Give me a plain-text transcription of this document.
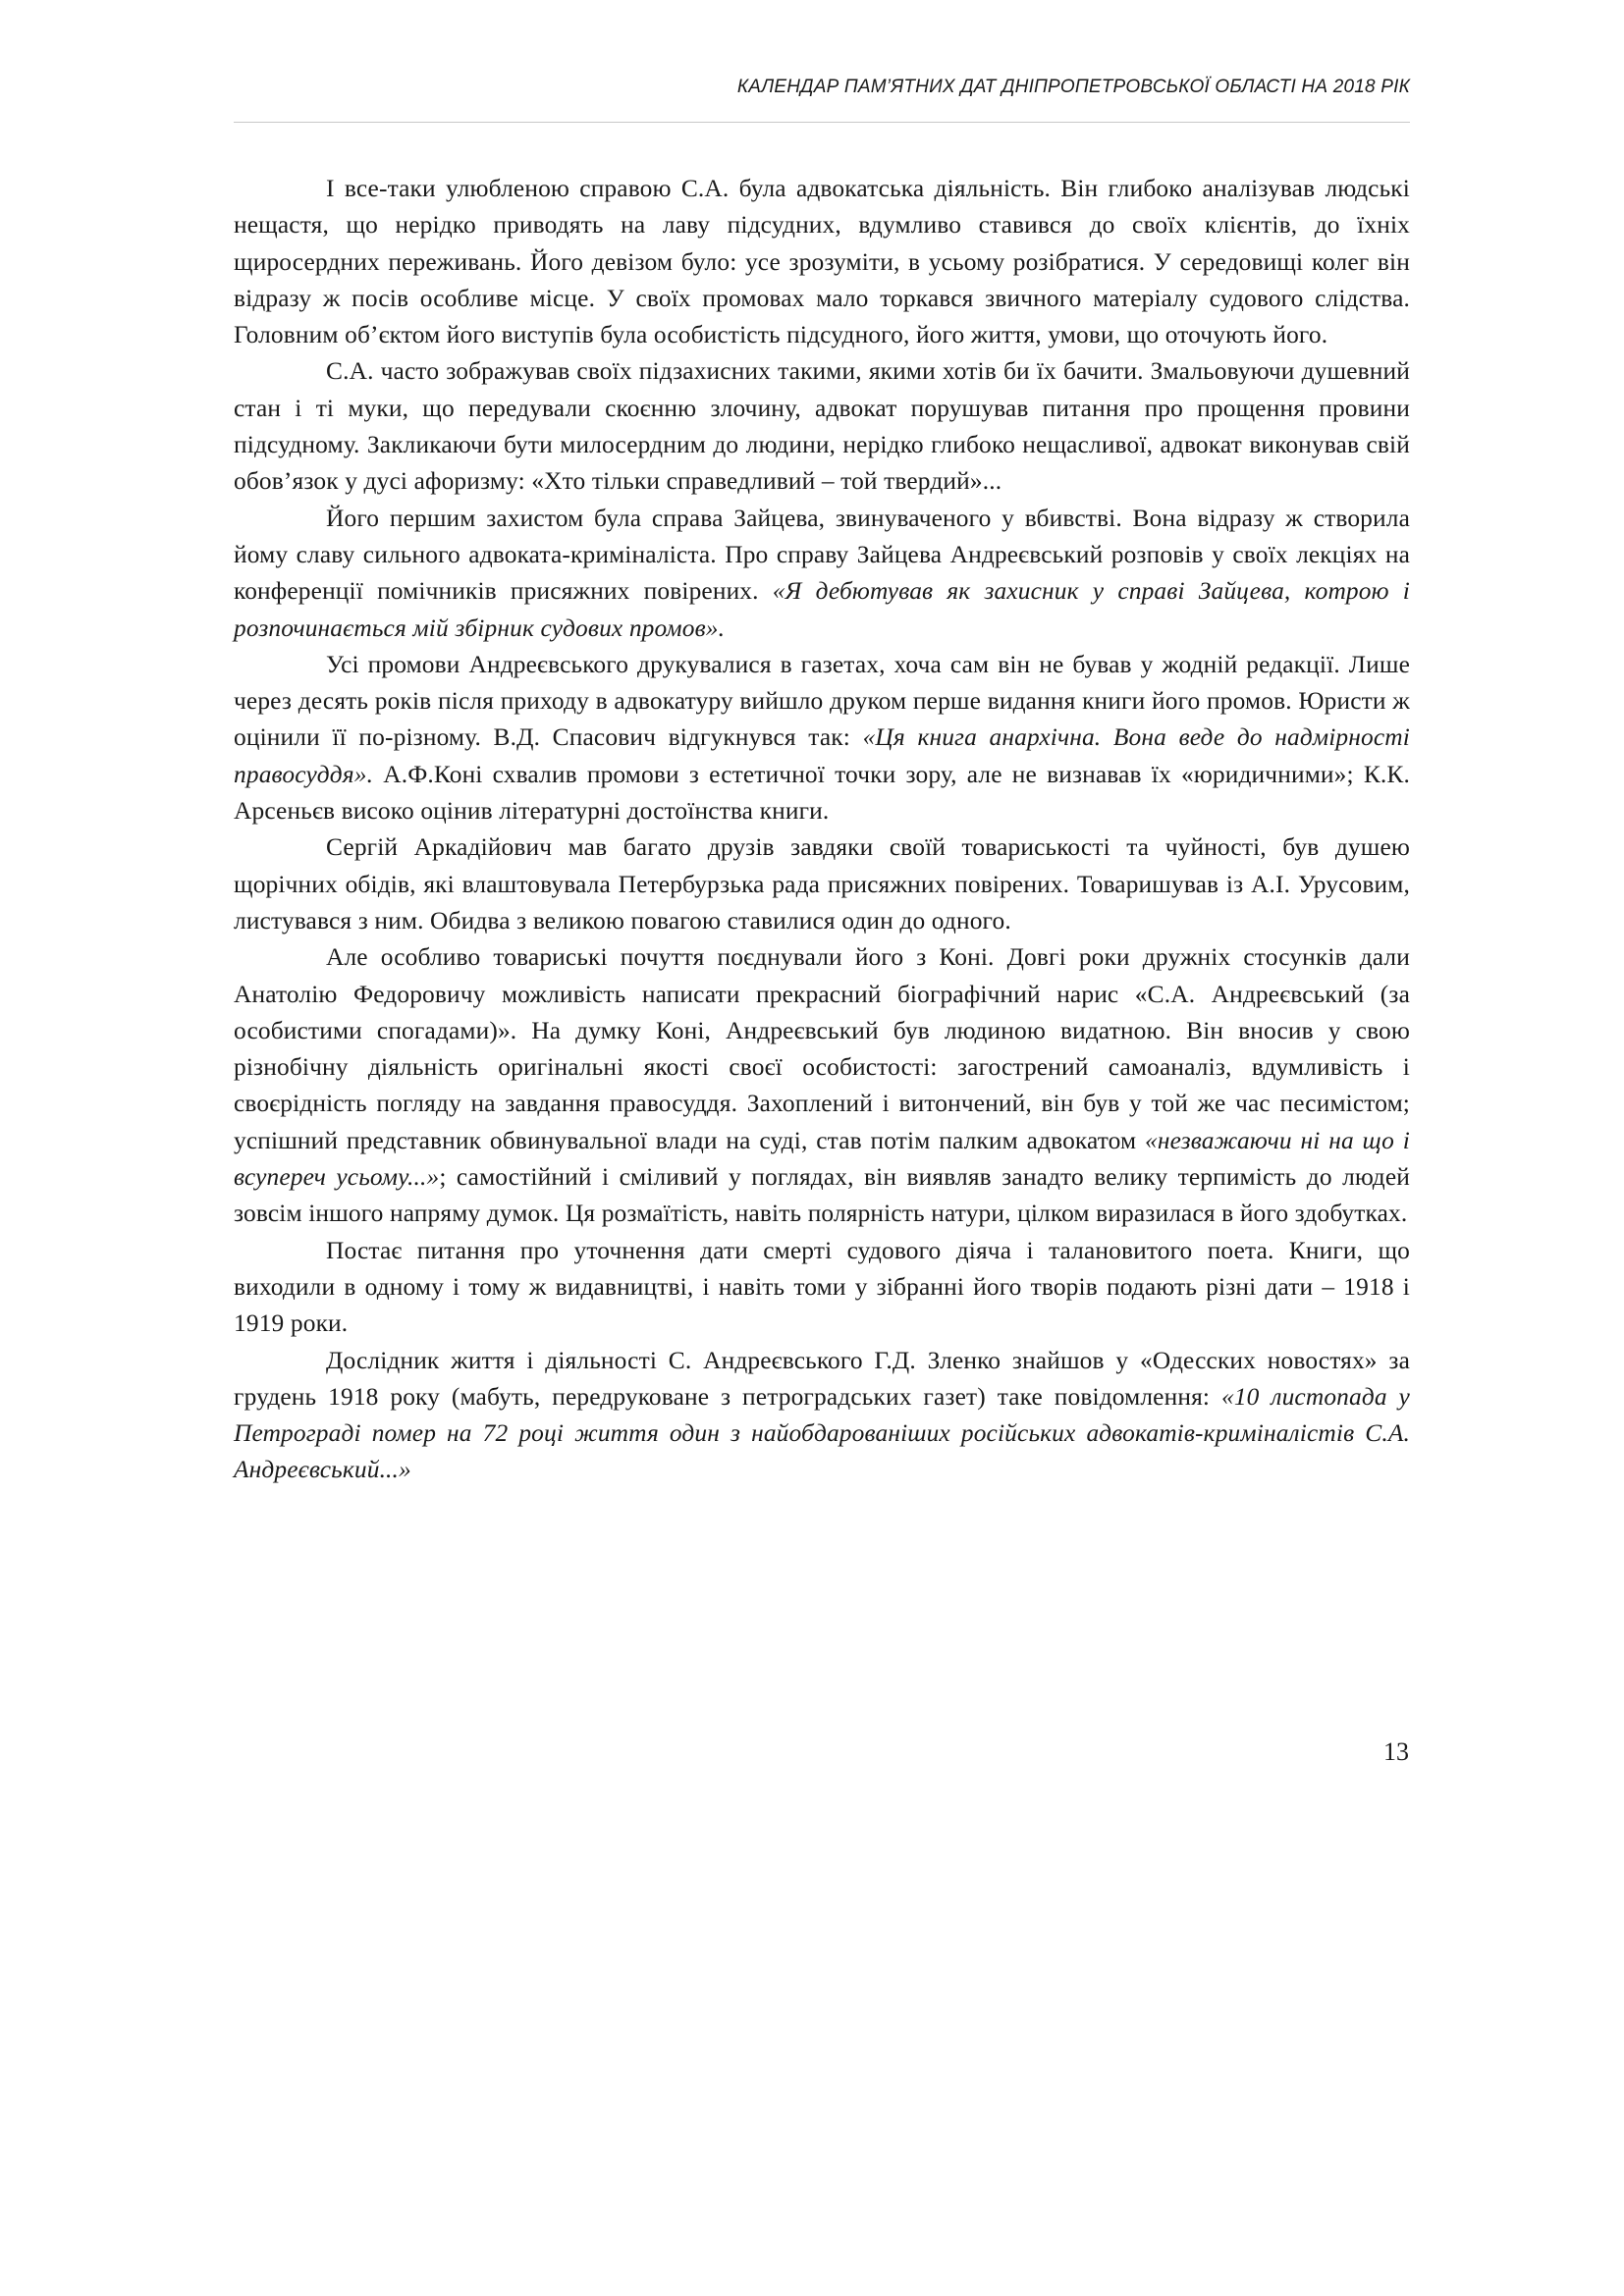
КАЛЕНДАР ПАМ’ЯТНИХ ДАТ ДНІПРОПЕТРОВСЬКОЇ ОБЛАСТІ НА 2018 РІК

І все-таки улюбленою справою С.А. була адвокатська діяльність. Він глибоко аналізував людські нещастя, що нерідко приводять на лаву підсудних, вдумливо ставився до своїх клієнтів, до їхніх щиросердних переживань. Його девізом було: усе зрозуміти, в усьому розібратися. У середовищі колег він відразу ж посів особливе місце. У своїх промовах мало торкався звичного матеріалу судового слідства. Головним об’єктом його виступів була особистість підсудного, його життя, умови, що оточують його.

С.А. часто зображував своїх підзахисних такими, якими хотів би їх бачити. Змальовуючи душевний стан і ті муки, що передували скоєнню злочину, адвокат порушував питання про прощення провини підсудному. Закликаючи бути милосердним до людини, нерідко глибоко нещасливої, адвокат виконував свій обов’язок у дусі афоризму: «Хто тільки справедливий – той твердий»...

Його першим захистом була справа Зайцева, звинуваченого у вбивстві. Вона відразу ж створила йому славу сильного адвоката-криміналіста. Про справу Зайцева Андреєвський розповів у своїх лекціях на конференції помічників присяжних повірених. «Я дебютував як захисник у справі Зайцева, котрою і розпочинається мій збірник судових промов».

Усі промови Андреєвського друкувалися в газетах, хоча сам він не бував у жодній редакції. Лише через десять років після приходу в адвокатуру вийшло друком перше видання книги його промов. Юристи ж оцінили її по-різному. В.Д. Спасович відгукнувся так: «Ця книга анархічна. Вона веде до надмірності правосуддя». А.Ф.Коні схвалив промови з естетичної точки зору, але не визнавав їх «юридичними»; К.К. Арсеньєв високо оцінив літературні достоїнства книги.

Сергій Аркадійович мав багато друзів завдяки своїй товариськості та чуйності, був душею щорічних обідів, які влаштовувала Петербурзька рада присяжних повірених. Товаришував із А.І. Урусовим, листувався з ним. Обидва з великою повагою ставилися один до одного.

Але особливо товариські почуття поєднували його з Коні. Довгі роки дружніх стосунків дали Анатолію Федоровичу можливість написати прекрасний біографічний нарис «С.А. Андреєвський (за особистими спогадами)». На думку Коні, Андреєвський був людиною видатною. Він вносив у свою різнобічну діяльність оригінальні якості своєї особистості: загострений самоаналіз, вдумливість і своєрідність погляду на завдання правосуддя. Захоплений і витончений, він був у той же час песимістом; успішний представник обвинувальної влади на суді, став потім палким адвокатом «незважаючи ні на що і всупереч усьому...»; самостійний і сміливий у поглядах, він виявляв занадто велику терпимість до людей зовсім іншого напряму думок. Ця розмаїтість, навіть полярність натури, цілком виразилася в його здобутках.

Постає питання про уточнення дати смерті судового діяча і талановитого поета. Книги, що виходили в одному і тому ж видавництві, і навіть томи у зібранні його творів подають різні дати – 1918 і 1919 роки.

Дослідник життя і діяльності С. Андреєвського Г.Д. Зленко знайшов у «Одесских новостях» за грудень 1918 року (мабуть, передруковане з петроградських газет) таке повідомлення: «10 листопада у Петрограді помер на 72 році життя один з найобдарованіших російських адвокатів-криміналістів С.А. Андреєвський...»

13
